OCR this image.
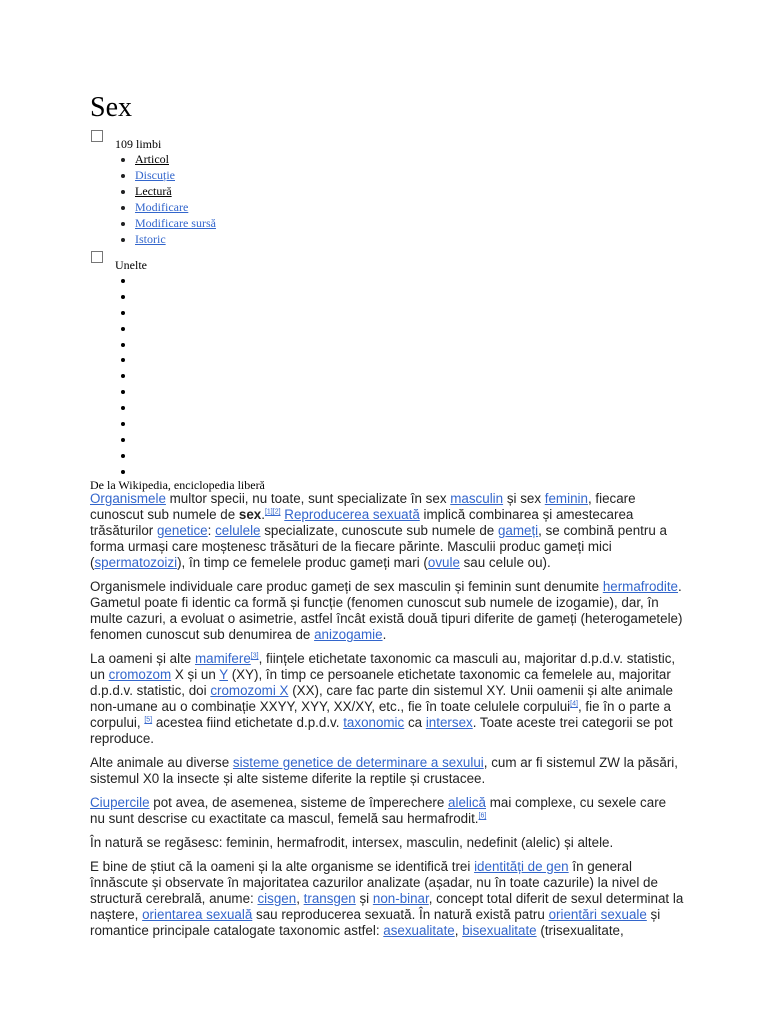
Sex
109 limbi
• Articol
• Discuție
• Lectură
• Modificare
• Modificare sursă
• Istoric
Unelte
De la Wikipedia, enciclopedia liberă

Organismele multor specii, nu toate, sunt specializate în sex masculin și sex feminin, fiecare cunoscut sub numele de sex.[1][2] Reproducerea sexuată implică combinarea și amestecarea trăsăturilor genetice: celulele specializate, cunoscute sub numele de gameți, se combină pentru a forma urmași care moștenesc trăsături de la fiecare părinte. Masculii produc gameți mici (spermatozoizi), în timp ce femelele produc gameți mari (ovule sau celule ou).

Organismele individuale care produc gameți de sex masculin și feminin sunt denumite hermafrodite. Gametul poate fi identic ca formă și funcție (fenomen cunoscut sub numele de izogamie), dar, în multe cazuri, a evoluat o asimetrie, astfel încât există două tipuri diferite de gameți (heterogametele) fenomen cunoscut sub denumirea de anizogamie.

La oameni și alte mamifere[3], ființele etichetate taxonomic ca masculi au, majoritar d.p.d.v. statistic, un cromozom X și un Y (XY), în timp ce persoanele etichetate taxonomic ca femelele au, majoritar d.p.d.v. statistic, doi cromozomi X (XX), care fac parte din sistemul XY. Unii oamenii și alte animale non-umane au o combinație XXYY, XYY, XX/XY, etc., fie în toate celulele corpului[4], fie în o parte a corpului, [5] acestea fiind etichetate d.p.d.v. taxonomic ca intersex. Toate aceste trei categorii se pot reproduce.

Alte animale au diverse sisteme genetice de determinare a sexului, cum ar fi sistemul ZW la păsări, sistemul X0 la insecte și alte sisteme diferite la reptile și crustacee.

Ciupercile pot avea, de asemenea, sisteme de împerechere alelică mai complexe, cu sexele care nu sunt descrise cu exactitate ca mascul, femelă sau hermafrodit.[6]

În natură se regăsesc: feminin, hermafrodit, intersex, masculin, nedefinit (alelic) și altele.

E bine de știut că la oameni și la alte organisme se identifică trei identități de gen în general înnăscute și observate în majoritatea cazurilor analizate (așadar, nu în toate cazurile) la nivel de structură cerebrală, anume: cisgen, transgen și non-binar, concept total diferit de sexul determinat la naștere, orientarea sexuală sau reproducerea sexuată. În natură există patru orientări sexuale și romantice principale catalogate taxonomic astfel: asexualitate, bisexualitate (trisexualitate,
